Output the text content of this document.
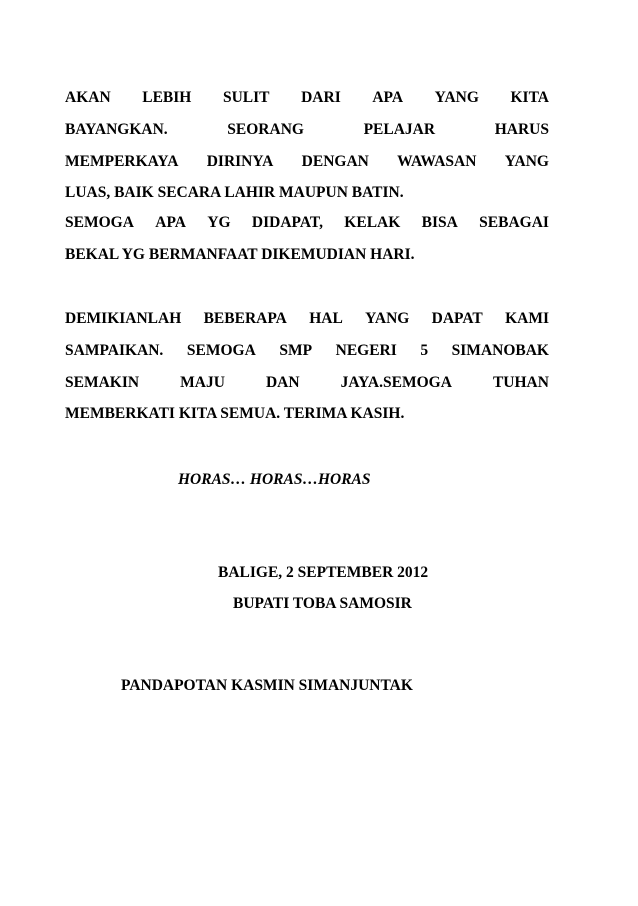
AKAN LEBIH SULIT DARI APA YANG KITA
BAYANGKAN.	SEORANG	PELAJAR	HARUS
MEMPERKAYA DIRINYA DENGAN WAWASAN YANG
LUAS, BAIK SECARA LAHIR MAUPUN BATIN.
SEMOGA APA YG DIDAPAT, KELAK BISA SEBAGAI
BEKAL YG BERMANFAAT DIKEMUDIAN HARI.
DEMIKIANLAH BEBERAPA HAL YANG DAPAT KAMI
SAMPAIKAN. SEMOGA SMP NEGERI 5 SIMANOBAK
SEMAKIN	MAJU	DAN	JAYA.SEMOGA	TUHAN
MEMBERKATI KITA SEMUA. TERIMA KASIH.
HORAS… HORAS…HORAS
BALIGE, 2 SEPTEMBER 2012
BUPATI TOBA SAMOSIR
PANDAPOTAN KASMIN SIMANJUNTAK
